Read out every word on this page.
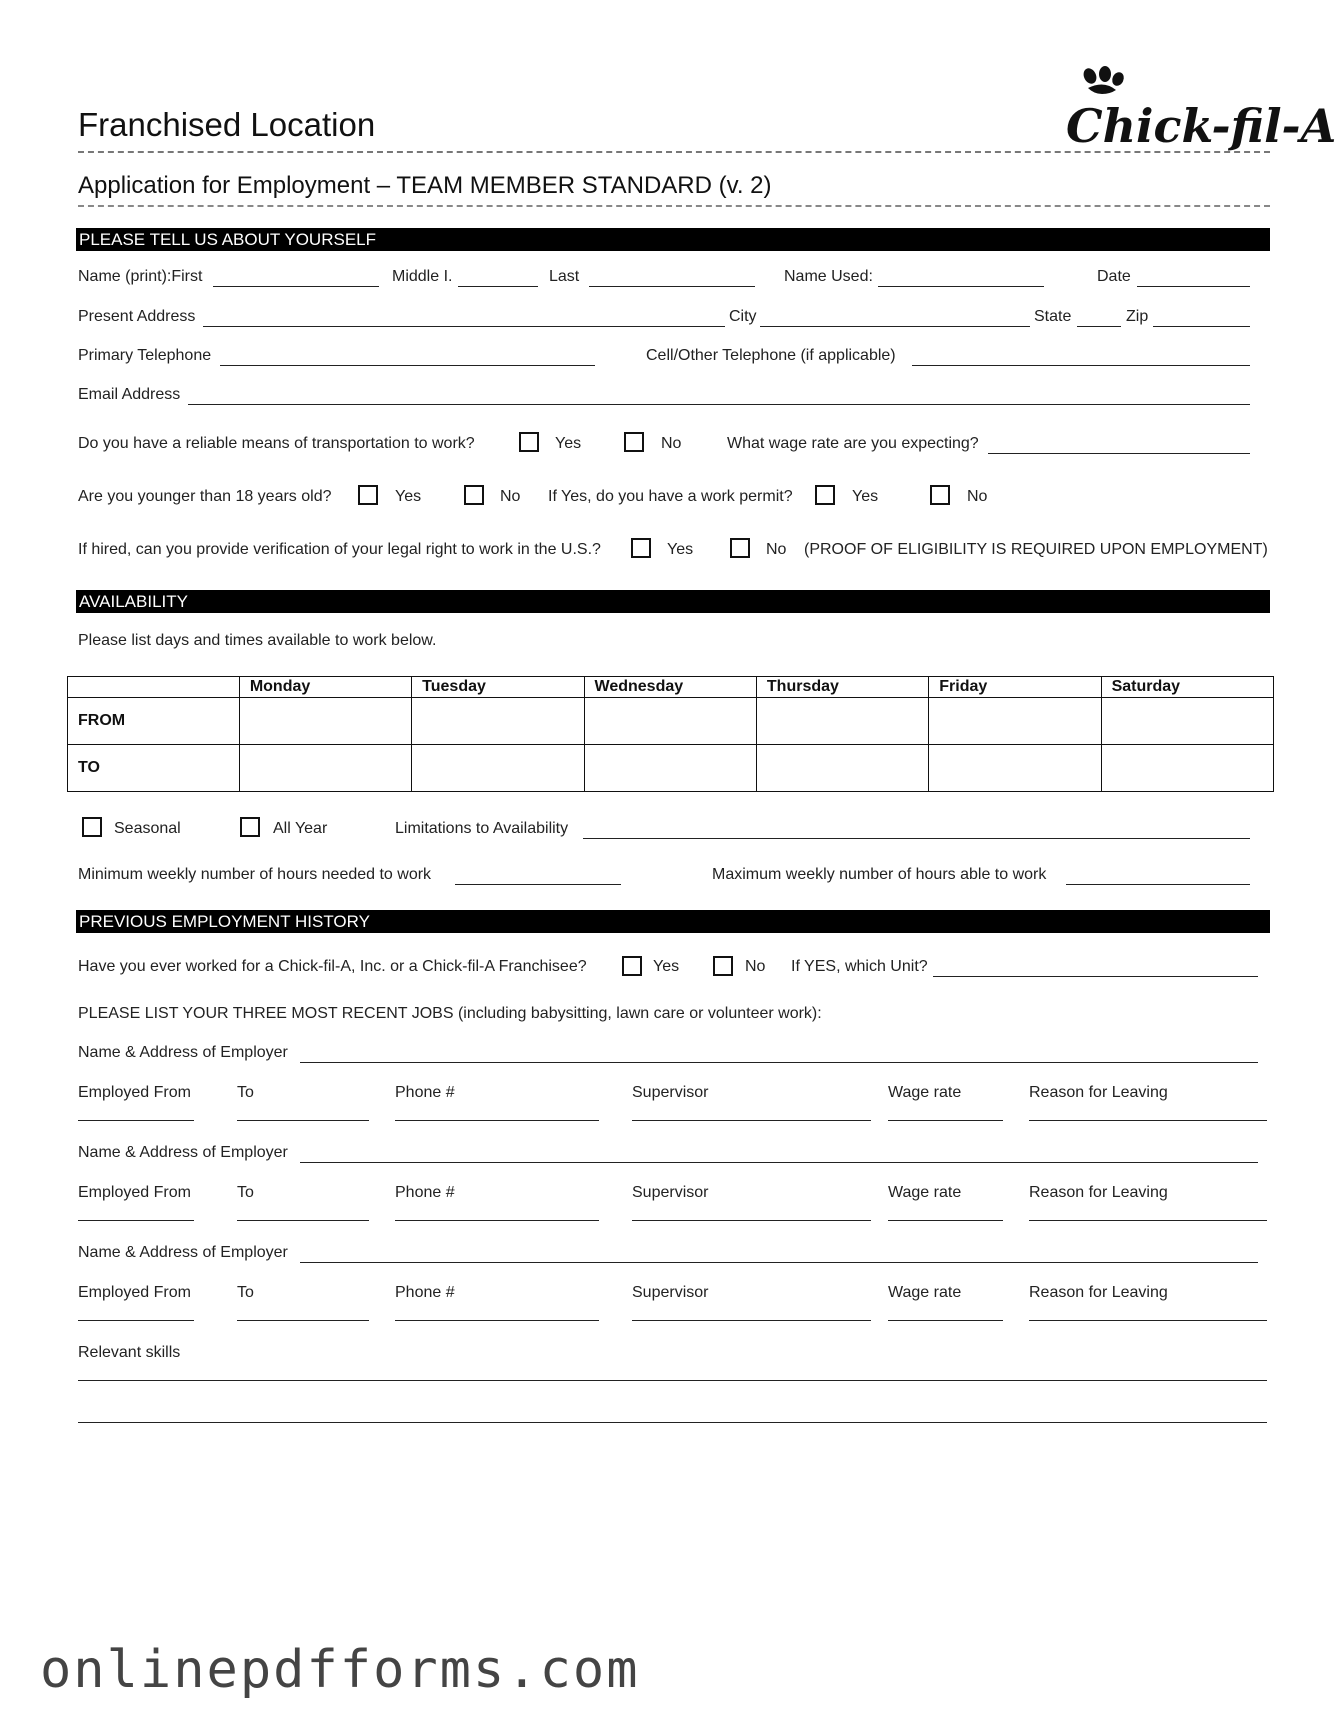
Franchised Location	Chick-fil-A
Application for Employment – TEAM MEMBER STANDARD (v. 2)
PLEASE TELL US ABOUT YOURSELF
Name (print):First	Middle I.	Last	Name Used:	Date
Present Address	City	State	Zip
Primary Telephone	Cell/Other Telephone (if applicable)
Email Address
Do you have a reliable means of transportation to work?	Yes	No	What wage rate are you expecting?
Are you younger than 18 years old?	Yes	No If Yes, do you have a work permit?	Yes	No
If hired, can you provide verification of your legal right to work in the U.S.?	Yes	No (PROOF OF ELIGIBILITY IS REQUIRED UPON EMPLOYMENT)
AVAILABILITY
Please list days and times available to work below.
	Monday	Tuesday	Wednesday	Thursday	Friday	Saturday
FROM						
TO						
Seasonal	All Year	Limitations to Availability
Minimum weekly number of hours needed to work	Maximum weekly number of hours able to work
PREVIOUS EMPLOYMENT HISTORY
Have you ever worked for a Chick-fil-A, Inc. or a Chick-fil-A Franchisee?	Yes	No If YES, which Unit?
PLEASE LIST YOUR THREE MOST RECENT JOBS (including babysitting, lawn care or volunteer work):
Name & Address of Employer
Employed From	To	Phone #	Supervisor	Wage rate	Reason for Leaving
Name & Address of Employer
Employed From	To	Phone #	Supervisor	Wage rate	Reason for Leaving
Name & Address of Employer
Employed From	To	Phone #	Supervisor	Wage rate	Reason for Leaving
Relevant skills
onlinepdfforms.com
